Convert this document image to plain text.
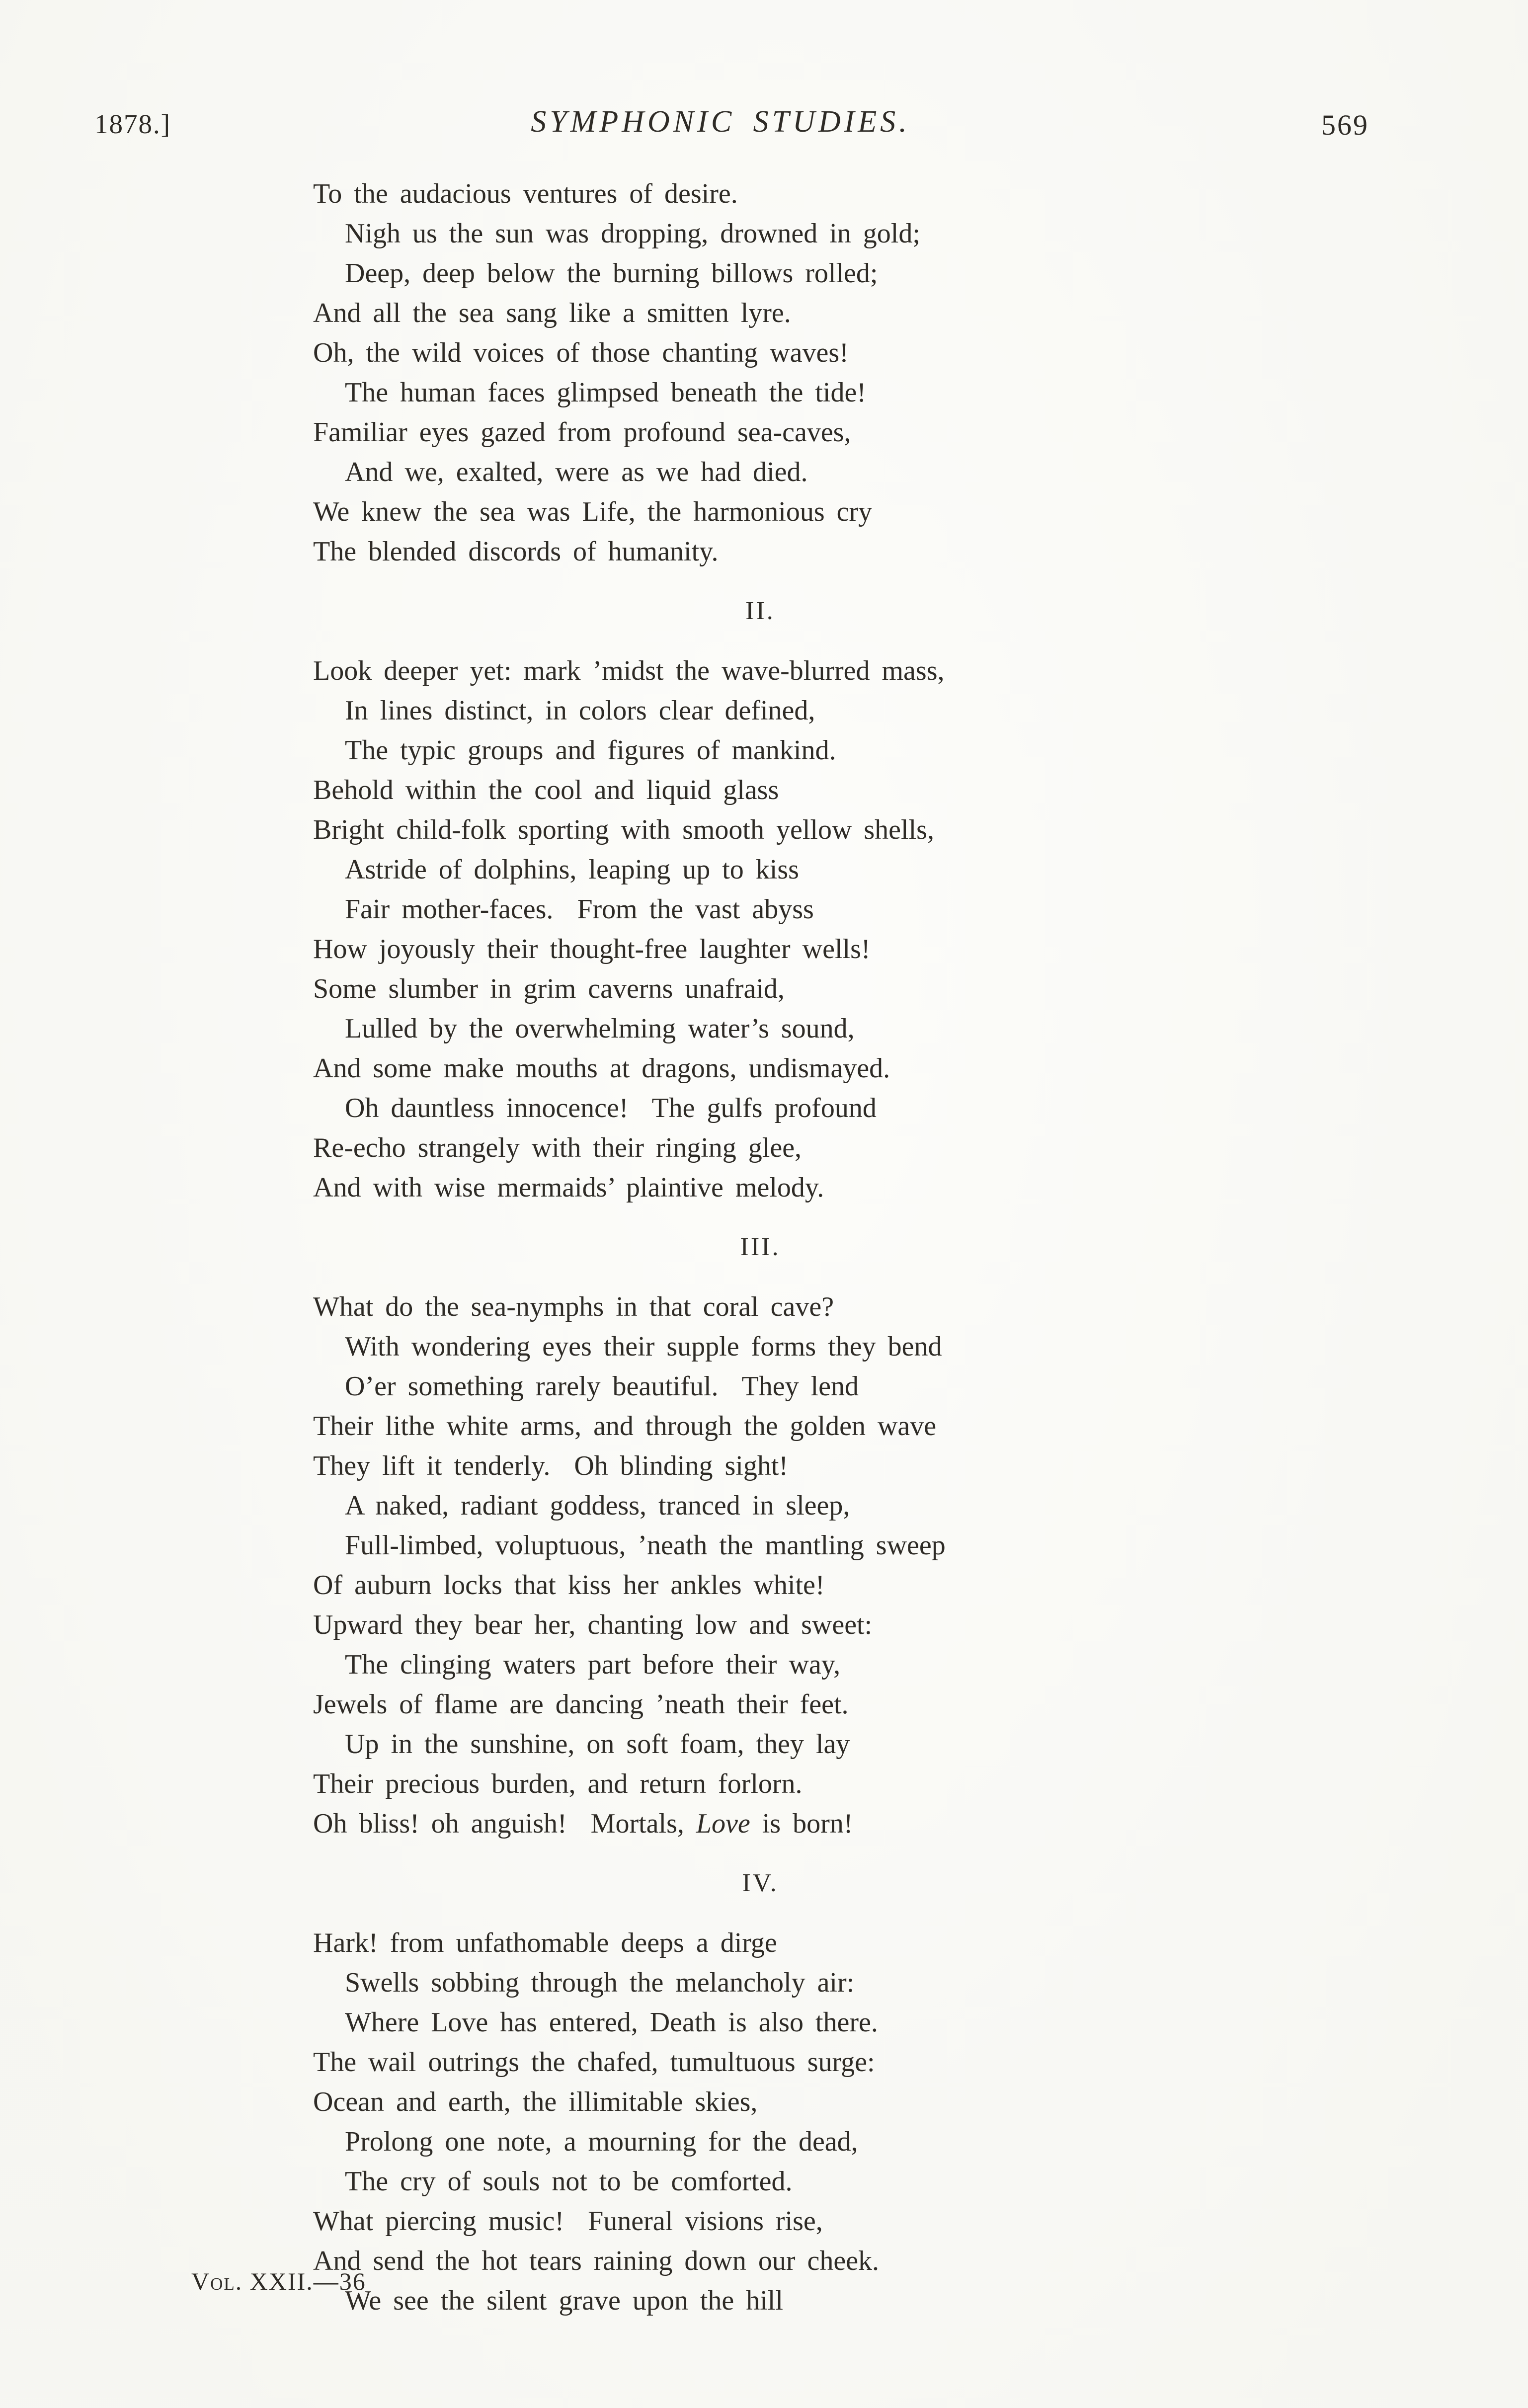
1878.]	SYMPHONIC STUDIES.	569
To the audacious ventures of desire.
Nigh us the sun was dropping, drowned in gold;
Deep, deep below the burning billows rolled;
And all the sea sang like a smitten lyre.
Oh, the wild voices of those chanting waves!
The human faces glimpsed beneath the tide!
Familiar eyes gazed from profound sea-caves,
And we, exalted, were as we had died.
We knew the sea was Life, the harmonious cry
The blended discords of humanity.
II.
Look deeper yet: mark ’midst the wave-blurred mass,
In lines distinct, in colors clear defined,
The typic groups and figures of mankind.
Behold within the cool and liquid glass
Bright child-folk sporting with smooth yellow shells,
Astride of dolphins, leaping up to kiss
Fair mother-faces.  From the vast abyss
How joyously their thought-free laughter wells!
Some slumber in grim caverns unafraid,
Lulled by the overwhelming water’s sound,
And some make mouths at dragons, undismayed.
Oh dauntless innocence!  The gulfs profound
Re-echo strangely with their ringing glee,
And with wise mermaids’ plaintive melody.
III.
What do the sea-nymphs in that coral cave?
With wondering eyes their supple forms they bend
O’er something rarely beautiful.  They lend
Their lithe white arms, and through the golden wave
They lift it tenderly.  Oh blinding sight!
A naked, radiant goddess, tranced in sleep,
Full-limbed, voluptuous, ’neath the mantling sweep
Of auburn locks that kiss her ankles white!
Upward they bear her, chanting low and sweet:
The clinging waters part before their way,
Jewels of flame are dancing ’neath their feet.
Up in the sunshine, on soft foam, they lay
Their precious burden, and return forlorn.
Oh bliss! oh anguish!  Mortals, Love is born!
IV.
Hark! from unfathomable deeps a dirge
Swells sobbing through the melancholy air:
Where Love has entered, Death is also there.
The wail outrings the chafed, tumultuous surge:
Ocean and earth, the illimitable skies,
Prolong one note, a mourning for the dead,
The cry of souls not to be comforted.
What piercing music!  Funeral visions rise,
And send the hot tears raining down our cheek.
We see the silent grave upon the hill
Vol. XXII.—36
